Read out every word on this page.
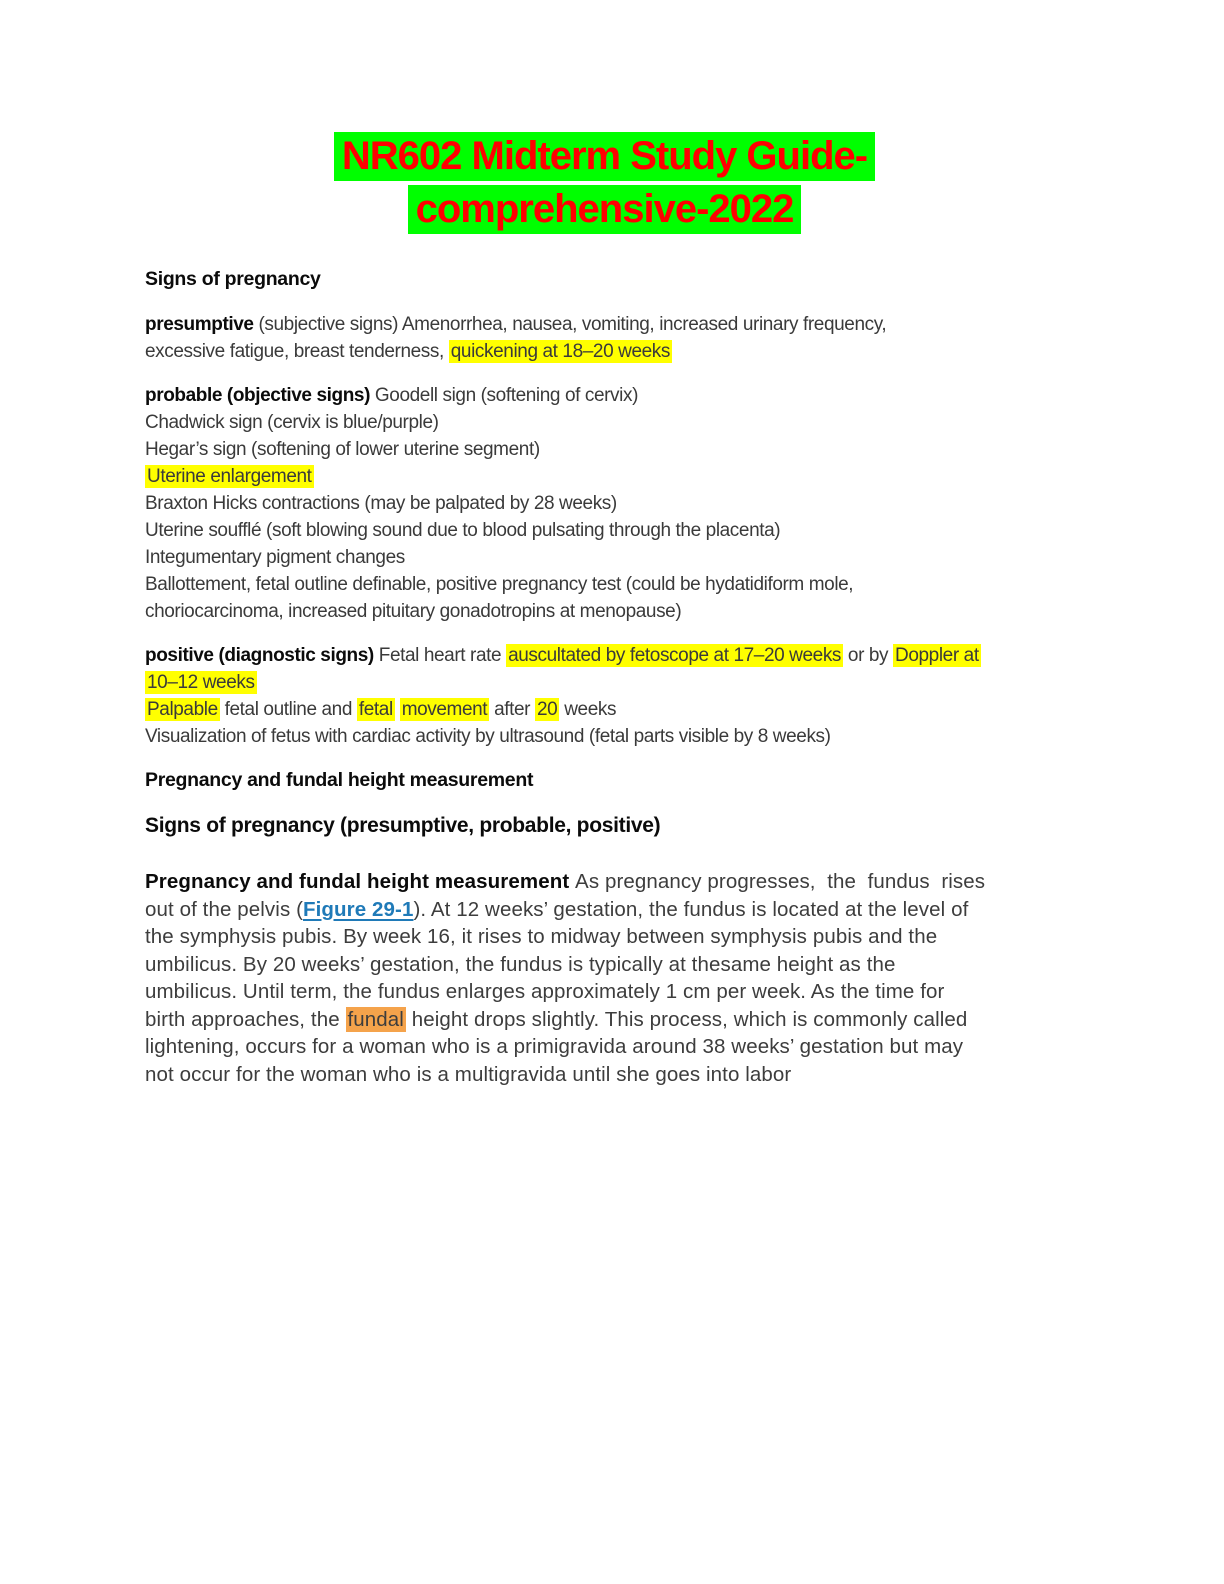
NR602 Midterm Study Guide-
comprehensive-2022
Signs of pregnancy
presumptive (subjective signs) Amenorrhea, nausea, vomiting, increased urinary frequency,
excessive fatigue, breast tenderness, quickening at 18–20 weeks
probable (objective signs) Goodell sign (softening of cervix)
Chadwick sign (cervix is blue/purple)
Hegar’s sign (softening of lower uterine segment)
Uterine enlargement
Braxton Hicks contractions (may be palpated by 28 weeks)
Uterine soufflé (soft blowing sound due to blood pulsating through the placenta)
Integumentary pigment changes
Ballottement, fetal outline definable, positive pregnancy test (could be hydatidiform mole,
choriocarcinoma, increased pituitary gonadotropins at menopause)
positive (diagnostic signs) Fetal heart rate auscultated by fetoscope at 17–20 weeks or by Doppler at
10–12 weeks
Palpable fetal outline and fetal movement after 20 weeks
Visualization of fetus with cardiac activity by ultrasound (fetal parts visible by 8 weeks)
Pregnancy and fundal height measurement
Signs of pregnancy (presumptive, probable, positive)
Pregnancy and fundal height measurement As pregnancy progresses,  the  fundus  rises
out of the pelvis (Figure 29-1). At 12 weeks’ gestation, the fundus is located at the level of
the symphysis pubis. By week 16, it rises to midway between symphysis pubis and the
umbilicus. By 20 weeks’ gestation, the fundus is typically at thesame height as the
umbilicus. Until term, the fundus enlarges approximately 1 cm per week. As the time for
birth approaches, the fundal height drops slightly. This process, which is commonly called
lightening, occurs for a woman who is a primigravida around 38 weeks’ gestation but may
not occur for the woman who is a multigravida until she goes into labor
